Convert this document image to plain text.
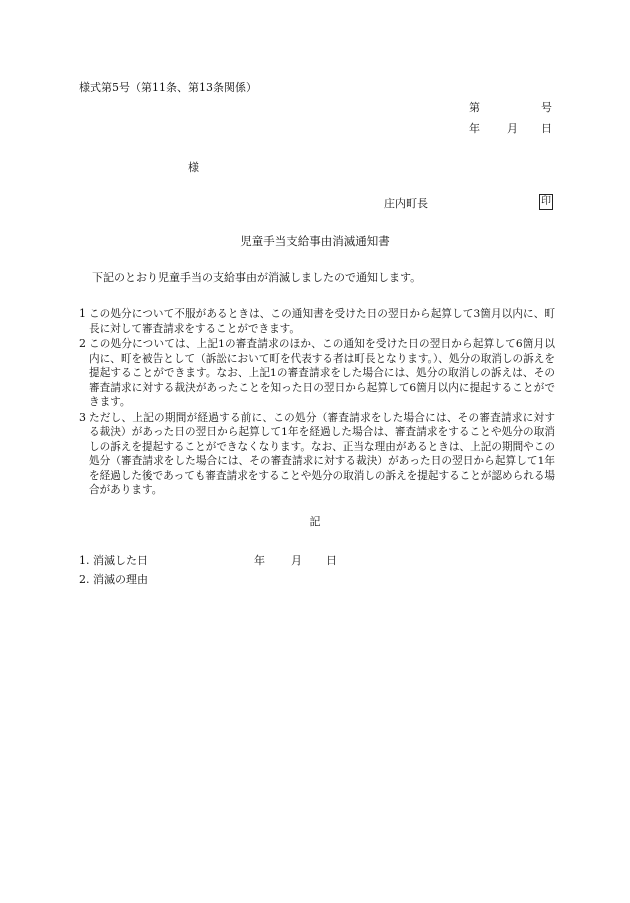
様式第5号（第11条、第13条関係）
第	号
年 月 日
様
庄内町長	印
児童手当支給事由消滅通知書
下記のとおり児童手当の支給事由が消滅しましたので通知します。
1 この処分について不服があるときは、この通知書を受けた日の翌日から起算して3箇月以内に、町長に対して審査請求をすることができます。
2 この処分については、上記1の審査請求のほか、この通知を受けた日の翌日から起算して6箇月以内に、町を被告として（訴訟において町を代表する者は町長となります。）、処分の取消しの訴えを提起することができます。なお、上記1の審査請求をした場合には、処分の取消しの訴えは、その審査請求に対する裁決があったことを知った日の翌日から起算して6箇月以内に提起することができます。
3 ただし、上記の期間が経過する前に、この処分（審査請求をした場合には、その審査請求に対する裁決）があった日の翌日から起算して1年を経過した場合は、審査請求をすることや処分の取消しの訴えを提起することができなくなります。なお、正当な理由があるときは、上記の期間やこの処分（審査請求をした場合には、その審査請求に対する裁決）があった日の翌日から起算して1年を経過した後であっても審査請求をすることや処分の取消しの訴えを提起することが認められる場合があります。
記
1. 消滅した日	年 月 日
2. 消滅の理由
